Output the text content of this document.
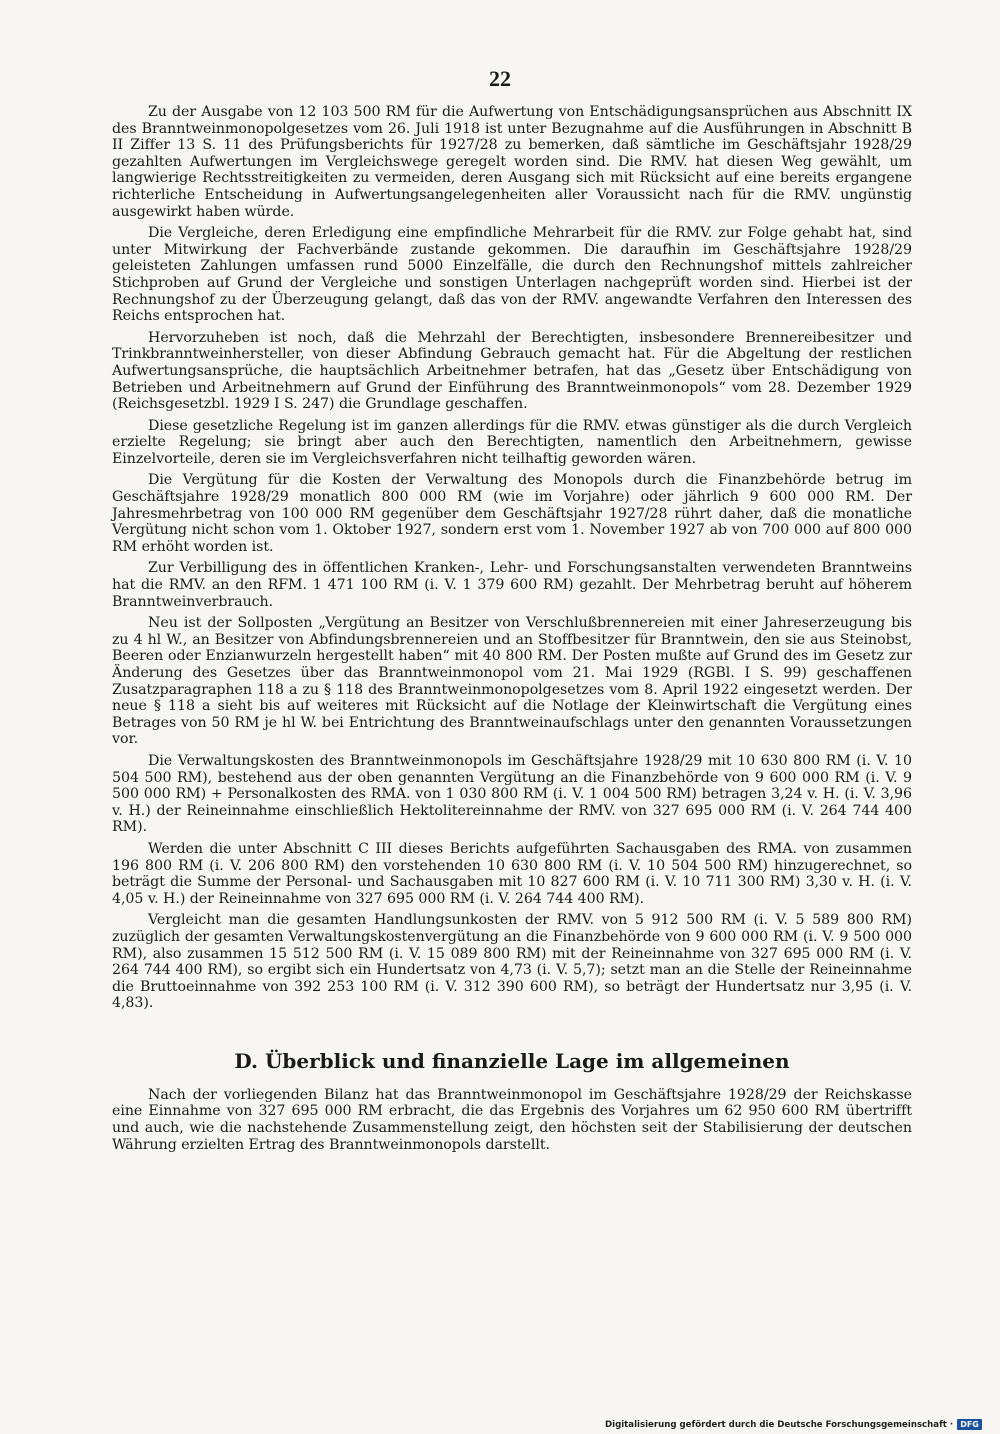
22

Zu der Ausgabe von 12 103 500 RM für die Aufwertung von Entschädigungsansprüchen aus Abschnitt IX des Branntweinmonopolgesetzes vom 26. Juli 1918 ist unter Bezugnahme auf die Ausführungen in Abschnitt B II Ziffer 13 S. 11 des Prüfungsberichts für 1927/28 zu bemerken, daß sämtliche im Geschäftsjahr 1928/29 gezahlten Aufwertungen im Vergleichswege geregelt worden sind. Die RMV. hat diesen Weg gewählt, um langwierige Rechtsstreitigkeiten zu vermeiden, deren Ausgang sich mit Rücksicht auf eine bereits ergangene richterliche Entscheidung in Aufwertungsangelegenheiten aller Voraussicht nach für die RMV. ungünstig ausgewirkt haben würde.

Die Vergleiche, deren Erledigung eine empfindliche Mehrarbeit für die RMV. zur Folge gehabt hat, sind unter Mitwirkung der Fachverbände zustande gekommen. Die daraufhin im Geschäftsjahre 1928/29 geleisteten Zahlungen umfassen rund 5000 Einzelfälle, die durch den Rechnungshof mittels zahlreicher Stichproben auf Grund der Vergleiche und sonstigen Unterlagen nachgeprüft worden sind. Hierbei ist der Rechnungshof zu der Überzeugung gelangt, daß das von der RMV. angewandte Verfahren den Interessen des Reichs entsprochen hat.

Hervorzuheben ist noch, daß die Mehrzahl der Berechtigten, insbesondere Brennereibesitzer und Trinkbranntweinhersteller, von dieser Abfindung Gebrauch gemacht hat. Für die Abgeltung der restlichen Aufwertungsansprüche, die hauptsächlich Arbeitnehmer betrafen, hat das „Gesetz über Entschädigung von Betrieben und Arbeitnehmern auf Grund der Einführung des Branntweinmonopols“ vom 28. Dezember 1929 (Reichsgesetzbl. 1929 I S. 247) die Grundlage geschaffen.

Diese gesetzliche Regelung ist im ganzen allerdings für die RMV. etwas günstiger als die durch Vergleich erzielte Regelung; sie bringt aber auch den Berechtigten, namentlich den Arbeitnehmern, gewisse Einzelvorteile, deren sie im Vergleichsverfahren nicht teilhaftig geworden wären.

Die Vergütung für die Kosten der Verwaltung des Monopols durch die Finanzbehörde betrug im Geschäftsjahre 1928/29 monatlich 800 000 RM (wie im Vorjahre) oder jährlich 9 600 000 RM. Der Jahresmehrbetrag von 100 000 RM gegenüber dem Geschäftsjahr 1927/28 rührt daher, daß die monatliche Vergütung nicht schon vom 1. Oktober 1927, sondern erst vom 1. November 1927 ab von 700 000 auf 800 000 RM erhöht worden ist.

Zur Verbilligung des in öffentlichen Kranken-, Lehr- und Forschungsanstalten verwendeten Branntweins hat die RMV. an den RFM. 1 471 100 RM (i. V. 1 379 600 RM) gezahlt. Der Mehrbetrag beruht auf höherem Branntweinverbrauch.

Neu ist der Sollposten „Vergütung an Besitzer von Verschlußbrennereien mit einer Jahreserzeugung bis zu 4 hl W., an Besitzer von Abfindungsbrennereien und an Stoffbesitzer für Branntwein, den sie aus Steinobst, Beeren oder Enzianwurzeln hergestellt haben“ mit 40 800 RM. Der Posten mußte auf Grund des im Gesetz zur Änderung des Gesetzes über das Branntweinmonopol vom 21. Mai 1929 (RGBl. I S. 99) geschaffenen Zusatzparagraphen 118 a zu § 118 des Branntweinmonopolgesetzes vom 8. April 1922 eingesetzt werden. Der neue § 118 a sieht bis auf weiteres mit Rücksicht auf die Notlage der Kleinwirtschaft die Vergütung eines Betrages von 50 RM je hl W. bei Entrichtung des Branntweinaufschlags unter den genannten Voraussetzungen vor.

Die Verwaltungskosten des Branntweinmonopols im Geschäftsjahre 1928/29 mit 10 630 800 RM (i. V. 10 504 500 RM), bestehend aus der oben genannten Vergütung an die Finanzbehörde von 9 600 000 RM (i. V. 9 500 000 RM) + Personalkosten des RMA. von 1 030 800 RM (i. V. 1 004 500 RM) betragen 3,24 v. H. (i. V. 3,96 v. H.) der Reineinnahme einschließlich Hektolitereinnahme der RMV. von 327 695 000 RM (i. V. 264 744 400 RM).

Werden die unter Abschnitt C III dieses Berichts aufgeführten Sachausgaben des RMA. von zusammen 196 800 RM (i. V. 206 800 RM) den vorstehenden 10 630 800 RM (i. V. 10 504 500 RM) hinzugerechnet, so beträgt die Summe der Personal- und Sachausgaben mit 10 827 600 RM (i. V. 10 711 300 RM) 3,30 v. H. (i. V. 4,05 v. H.) der Reineinnahme von 327 695 000 RM (i. V. 264 744 400 RM).

Vergleicht man die gesamten Handlungsunkosten der RMV. von 5 912 500 RM (i. V. 5 589 800 RM) zuzüglich der gesamten Verwaltungskostenvergütung an die Finanzbehörde von 9 600 000 RM (i. V. 9 500 000 RM), also zusammen 15 512 500 RM (i. V. 15 089 800 RM) mit der Reineinnahme von 327 695 000 RM (i. V. 264 744 400 RM), so ergibt sich ein Hundertsatz von 4,73 (i. V. 5,7); setzt man an die Stelle der Reineinnahme die Bruttoeinnahme von 392 253 100 RM (i. V. 312 390 600 RM), so beträgt der Hundertsatz nur 3,95 (i. V. 4,83).

D. Überblick und finanzielle Lage im allgemeinen

Nach der vorliegenden Bilanz hat das Branntweinmonopol im Geschäftsjahre 1928/29 der Reichskasse eine Einnahme von 327 695 000 RM erbracht, die das Ergebnis des Vorjahres um 62 950 600 RM übertrifft und auch, wie die nachstehende Zusammenstellung zeigt, den höchsten seit der Stabilisierung der deutschen Währung erzielten Ertrag des Branntweinmonopols darstellt.

Digitalisierung gefördert durch die Deutsche Forschungsgemeinschaft · DFG
